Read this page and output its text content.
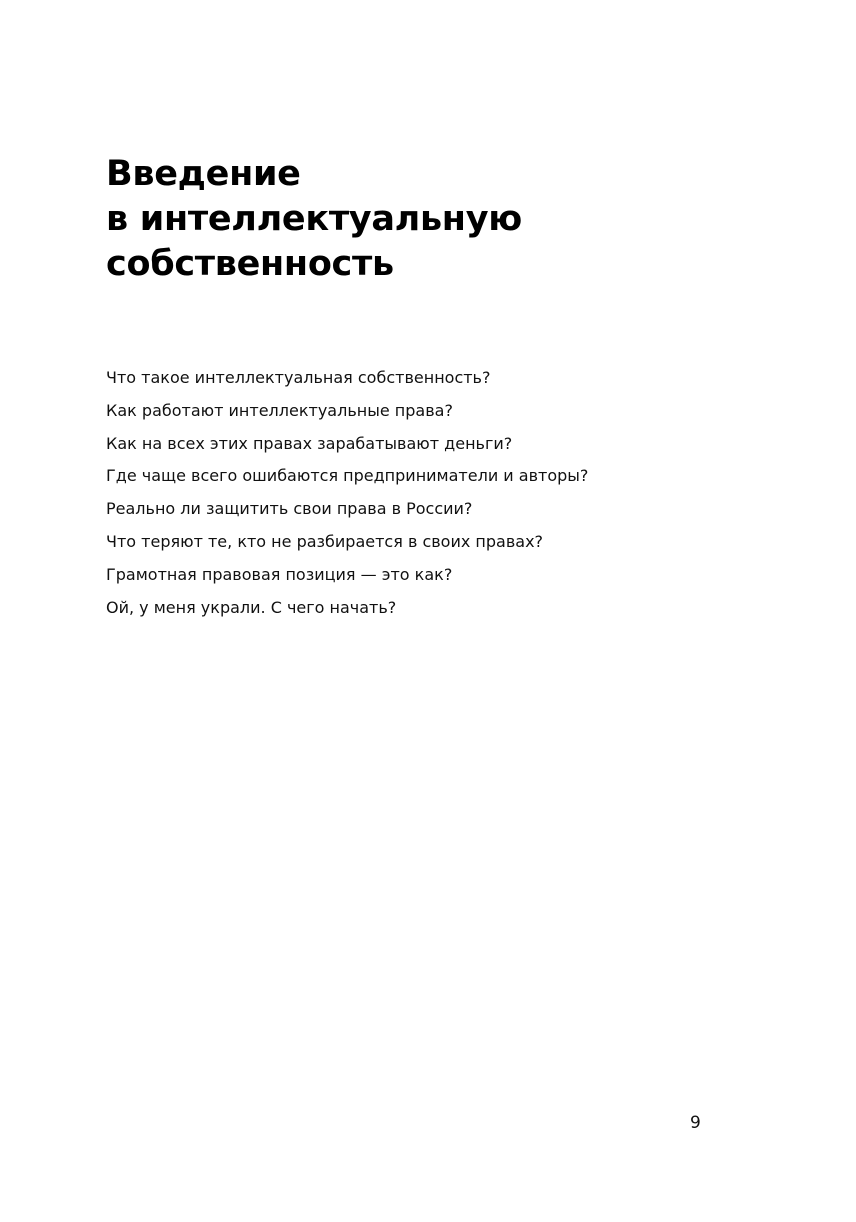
Введение
в интеллектуальную
собственность
Что такое интеллектуальная собственность?
Как работают интеллектуальные права?
Как на всех этих правах зарабатывают деньги?
Где чаще всего ошибаются предприниматели и авторы?
Реально ли защитить свои права в России?
Что теряют те, кто не разбирается в своих правах?
Грамотная правовая позиция — это как?
Ой, у меня украли. С чего начать?
9
